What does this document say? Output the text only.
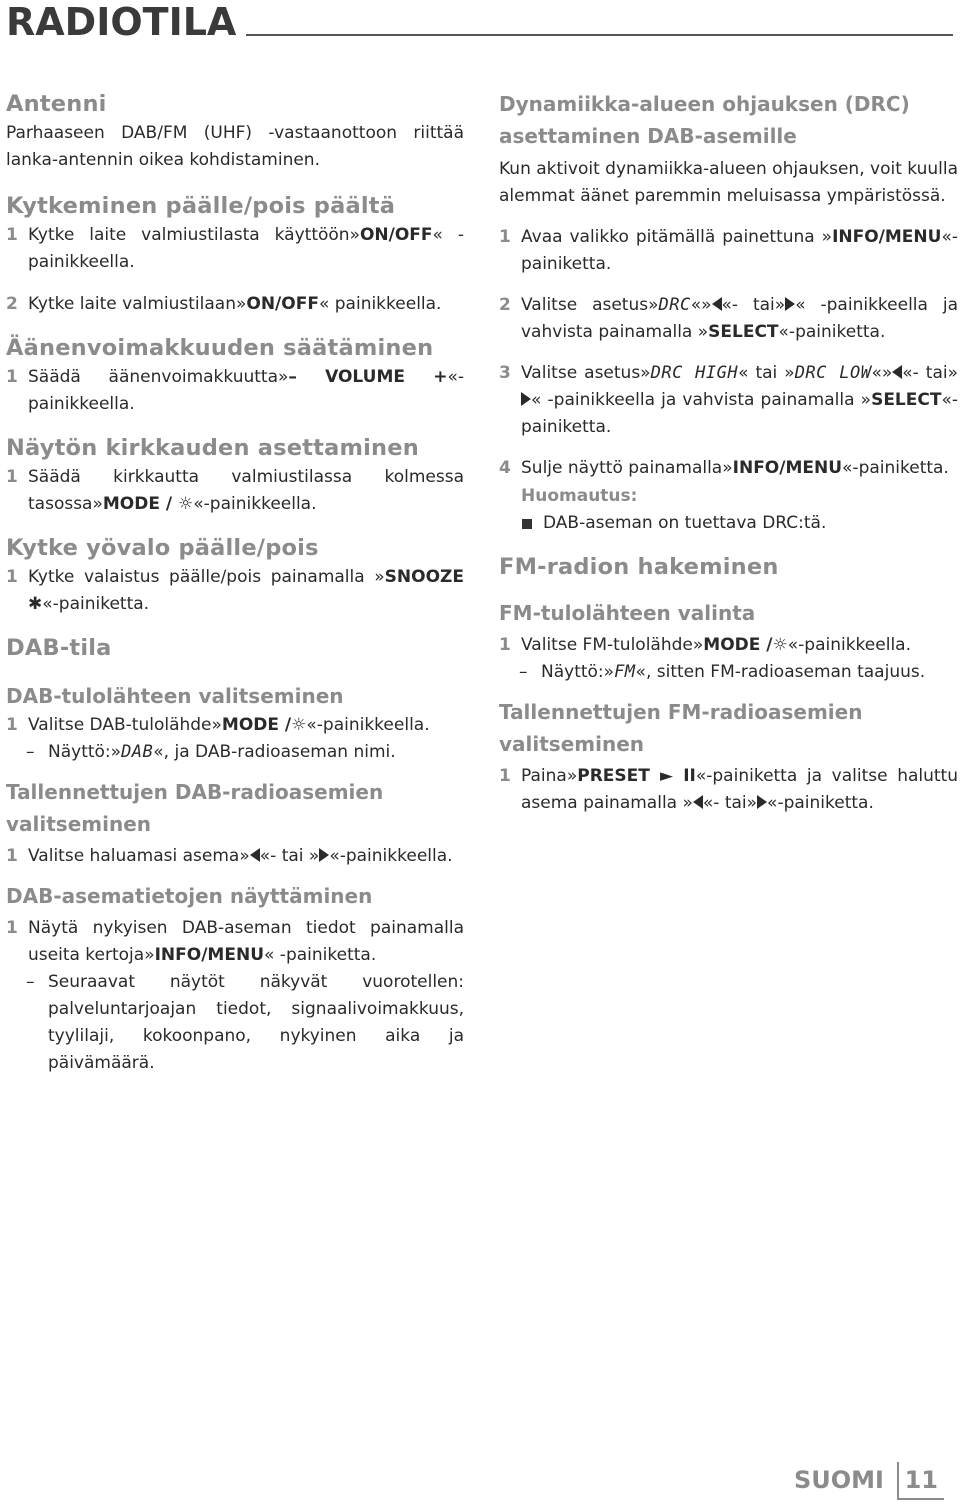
RADIOTILA
Antenni

Parhaaseen DAB/FM (UHF) -vastaanottoon riittää lanka-antennin oikea kohdistaminen.

Kytkeminen päälle/pois päältä
1 Kytke laite valmiustilasta käyttöön»ON/OFF« -painikkeella.
2 Kytke laite valmiustilaan»ON/OFF« painikkeella.
Äänenvoimakkuuden säätäminen
1 Säädä äänenvoimakkuutta»– VOLUME +«- painikkeella.
Näytön kirkkauden asettaminen
1 Säädä kirkkautta valmiustilassa kolmessa tasossa»MODE / ☼«-painikkeella.
Kytke yövalo päälle/pois
1 Kytke valaistus päälle/pois painamalla »SNOOZE ✱«-painiketta.
DAB-tila
DAB-tulolähteen valitseminen
1 Valitse DAB-tulolähde»MODE /☼«-painikkeella.
– Näyttö:»DAB«, ja DAB-radioaseman nimi.
Tallennettujen DAB-radioasemien valitseminen
1 Valitse haluamasi asema» «- tai » «-painikkeella.
DAB-asematietojen näyttäminen
1 Näytä nykyisen DAB-aseman tiedot painamalla useita kertoja»INFO/MENU« -painiketta.
– Seuraavat näytöt näkyvät vuorotellen: palveluntarjoajan tiedot, signaalivoimakkuus, tyylilaji, kokoonpano, nykyinen aika ja päivämäärä.
Dynamiikka-alueen ohjauksen (DRC) asettaminen DAB-asemille

Kun aktivoit dynamiikka-alueen ohjauksen, voit kuulla alemmat äänet paremmin meluisassa ympäristössä.

1 Avaa valikko pitämällä painettuna »INFO/MENU«-painiketta.
2 Valitse asetus»DRC«» «- tai» « -painikkeella ja vahvista painamalla »SELECT«-painiketta.
3 Valitse asetus»DRC HIGH« tai »DRC LOW«» «- tai»« -painikkeella ja vahvista painamalla »SELECT«-painiketta.
4 Sulje näyttö painamalla»INFO/MENU«-painiketta.
Huomautus:
DAB-aseman on tuettava DRC:tä.
FM-radion hakeminen
FM-tulolähteen valinta
1 Valitse FM-tulolähde»MODE /☼«-painikkeella.
– Näyttö:»FM«, sitten FM-radioaseman taajuus.
Tallennettujen FM-radioasemien valitseminen
1 Paina»PRESET ► II«-painiketta ja valitse haluttu asema painamalla » «- tai» «-painiketta.
SUOMI 11
